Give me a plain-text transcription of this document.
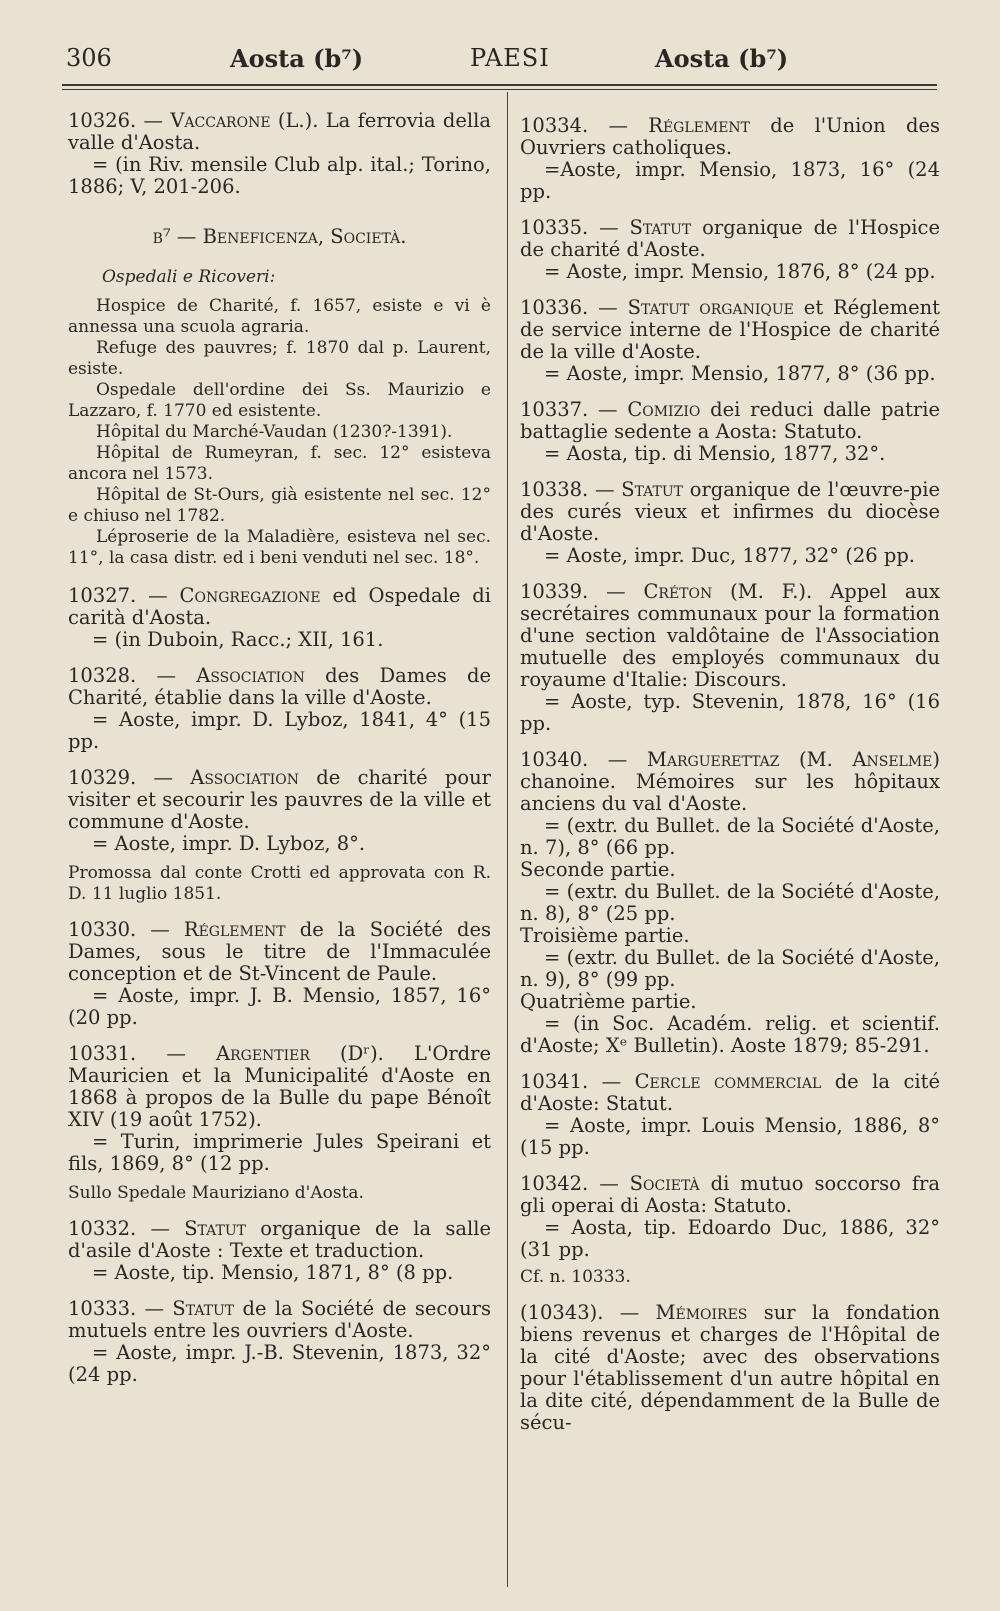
306	Aosta (b⁷)	PAESI	Aosta (b⁷)

10326. — Vaccarone (L.). La ferrovia della valle d'Aosta.

= (in Riv. mensile Club alp. ital.; Torino, 1886; V, 201-206.

b⁷ — Beneficenza, Società.
Ospedali e Ricoveri:

Hospice de Charité, f. 1657, esiste e vi è annessa una scuola agraria.

Refuge des pauvres; f. 1870 dal p. Laurent, esiste.

Ospedale dell'ordine dei Ss. Maurizio e Lazzaro, f. 1770 ed esistente.

Hôpital du Marché-Vaudan (1230?-1391).

Hôpital de Rumeyran, f. sec. 12° esisteva ancora nel 1573.

Hôpital de St-Ours, già esistente nel sec. 12° e chiuso nel 1782.

Léproserie de la Maladière, esisteva nel sec. 11°, la casa distr. ed i beni venduti nel sec. 18°.

10327. — Congregazione ed Ospedale di carità d'Aosta.

= (in Duboin, Racc.; XII, 161.

10328. — Association des Dames de Charité, établie dans la ville d'Aoste.

= Aoste, impr. D. Lyboz, 1841, 4° (15 pp.

10329. — Association de charité pour visiter et secourir les pauvres de la ville et commune d'Aoste.

= Aoste, impr. D. Lyboz, 8°.

Promossa dal conte Crotti ed approvata con R. D. 11 luglio 1851.

10330. — Réglement de la Société des Dames, sous le titre de l'Immaculée conception et de St-Vincent de Paule.

= Aoste, impr. J. B. Mensio, 1857, 16° (20 pp.

10331. — Argentier (Dʳ). L'Ordre Mauricien et la Municipalité d'Aoste en 1868 à propos de la Bulle du pape Bénoît XIV (19 août 1752).

= Turin, imprimerie Jules Speirani et fils, 1869, 8° (12 pp.

Sullo Spedale Mauriziano d'Aosta.

10332. — Statut organique de la salle d'asile d'Aoste : Texte et traduction.

= Aoste, tip. Mensio, 1871, 8° (8 pp.

10333. — Statut de la Société de secours mutuels entre les ouvriers d'Aoste.

= Aoste, impr. J.-B. Stevenin, 1873, 32° (24 pp.

10334. — Réglement de l'Union des Ouvriers catholiques.

=Aoste, impr. Mensio, 1873, 16° (24 pp.

10335. — Statut organique de l'Hospice de charité d'Aoste.

= Aoste, impr. Mensio, 1876, 8° (24 pp.

10336. — Statut organique et Réglement de service interne de l'Hospice de charité de la ville d'Aoste.

= Aoste, impr. Mensio, 1877, 8° (36 pp.

10337. — Comizio dei reduci dalle patrie battaglie sedente a Aosta: Statuto.

= Aosta, tip. di Mensio, 1877, 32°.

10338. — Statut organique de l'œuvre-pie des curés vieux et infirmes du diocèse d'Aoste.

= Aoste, impr. Duc, 1877, 32° (26 pp.

10339. — Créton (M. F.). Appel aux secrétaires communaux pour la formation d'une section valdôtaine de l'Association mutuelle des employés communaux du royaume d'Italie: Discours.

= Aoste, typ. Stevenin, 1878, 16° (16 pp.

10340. — Marguerettaz (M. Anselme) chanoine. Mémoires sur les hôpitaux anciens du val d'Aoste.

= (extr. du Bullet. de la Société d'Aoste, n. 7), 8° (66 pp.

Seconde partie.

= (extr. du Bullet. de la Société d'Aoste, n. 8), 8° (25 pp.

Troisième partie.

= (extr. du Bullet. de la Société d'Aoste, n. 9), 8° (99 pp.

Quatrième partie.

= (in Soc. Académ. relig. et scientif. d'Aoste; Xᵉ Bulletin). Aoste 1879; 85-291.

10341. — Cercle commercial de la cité d'Aoste: Statut.

= Aoste, impr. Louis Mensio, 1886, 8° (15 pp.

10342. — Società di mutuo soccorso fra gli operai di Aosta: Statuto.

= Aosta, tip. Edoardo Duc, 1886, 32° (31 pp.

Cf. n. 10333.

(10343). — Mémoires sur la fondation biens revenus et charges de l'Hôpital de la cité d'Aoste; avec des observations pour l'établissement d'un autre hôpital en la dite cité, dépendamment de la Bulle de sécu-
